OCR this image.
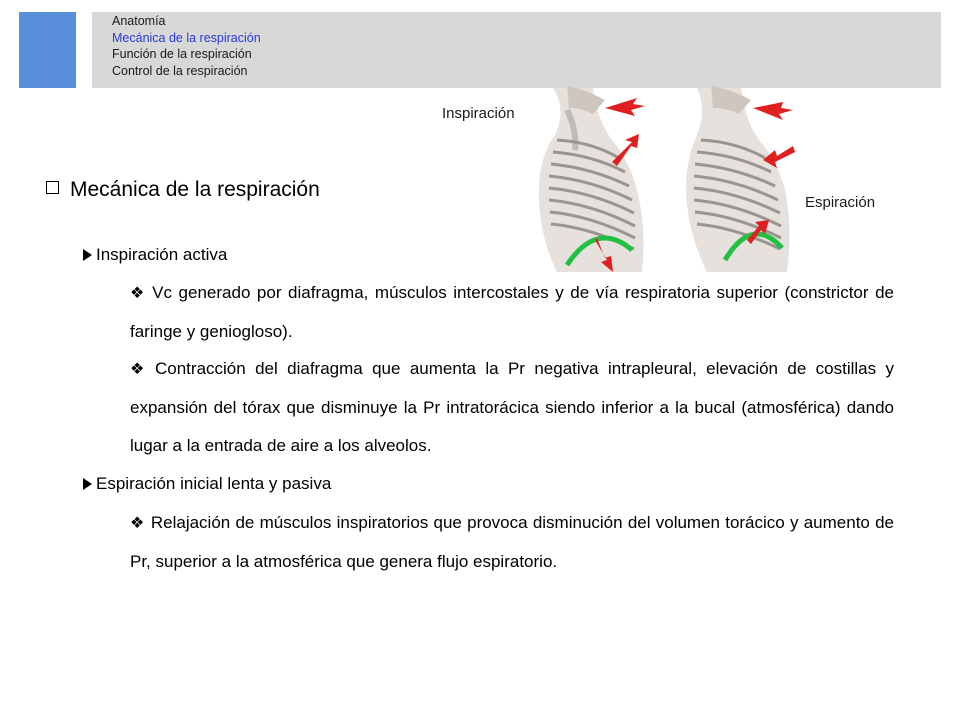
Anatomía
Mecánica de la respiración
Función de la respiración
Control de la respiración
Inspiración
Espiración
Mecánica de la respiración
Inspiración activa

❖ Vc generado por diafragma, músculos intercostales y de vía respiratoria superior (constrictor de faringe y geniogloso).

❖ Contracción del diafragma que aumenta la Pr negativa intrapleural, elevación de costillas y expansión del tórax que disminuye la Pr intratorácica siendo inferior a la bucal (atmosférica) dando lugar a la entrada de aire a los alveolos.

Espiración inicial lenta y pasiva

❖ Relajación de músculos inspiratorios que provoca disminución del volumen torácico y aumento de Pr, superior a la atmosférica que genera flujo espiratorio.
